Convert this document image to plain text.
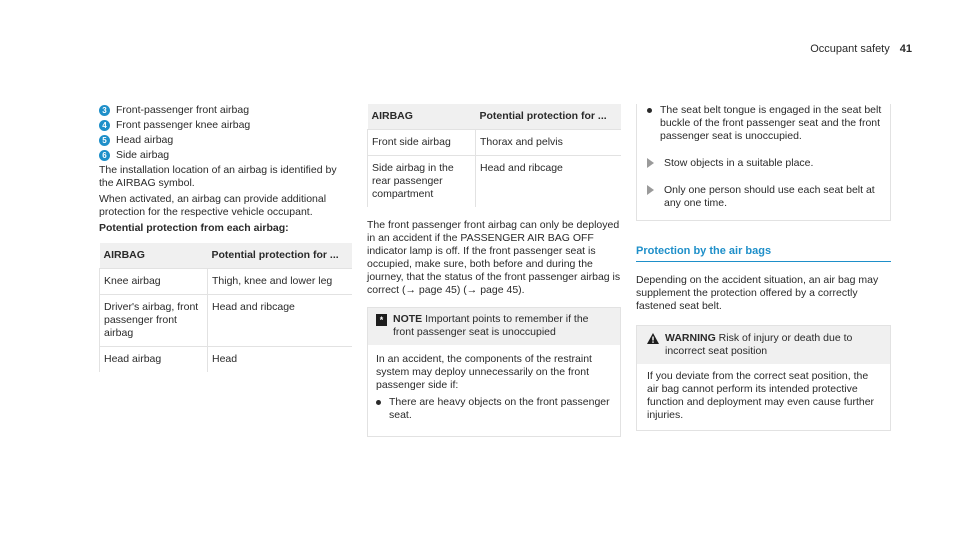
Occupant safety 41
3 Front-passenger front airbag
4 Front passenger knee airbag
5 Head airbag
6 Side airbag

The installation location of an airbag is identified by the AIRBAG symbol.

When activated, an airbag can provide additional protection for the respective vehicle occupant.

Potential protection from each airbag:

AIRBAG	Potential protection for ...
Knee airbag	Thigh, knee and lower leg
Driver's airbag, front passenger front airbag	Head and ribcage
Head airbag	Head
AIRBAG	Potential protection for ...
Front side airbag	Thorax and pelvis
Side airbag in the rear passenger compartment	Head and ribcage

The front passenger front airbag can only be deployed in an accident if the PASSENGER AIR BAG OFF indicator lamp is off. If the front passenger seat is occupied, make sure, both before and during the journey, that the status of the front passenger airbag is correct (→ page 45) (→ page 45).

* NOTE Important points to remember if the front passenger seat is unoccupied

In an accident, the components of the restraint system may deploy unnecessarily on the front passenger side if:

There are heavy objects on the front passenger seat.
The seat belt tongue is engaged in the seat belt buckle of the front passenger seat and the front passenger seat is unoccupied.
Stow objects in a suitable place.
Only one person should use each seat belt at any one time.
Protection by the air bags

Depending on the accident situation, an air bag may supplement the protection offered by a correctly fastened seat belt.

WARNING Risk of injury or death due to incorrect seat position

If you deviate from the correct seat position, the air bag cannot perform its intended protective function and deployment may even cause further injuries.
